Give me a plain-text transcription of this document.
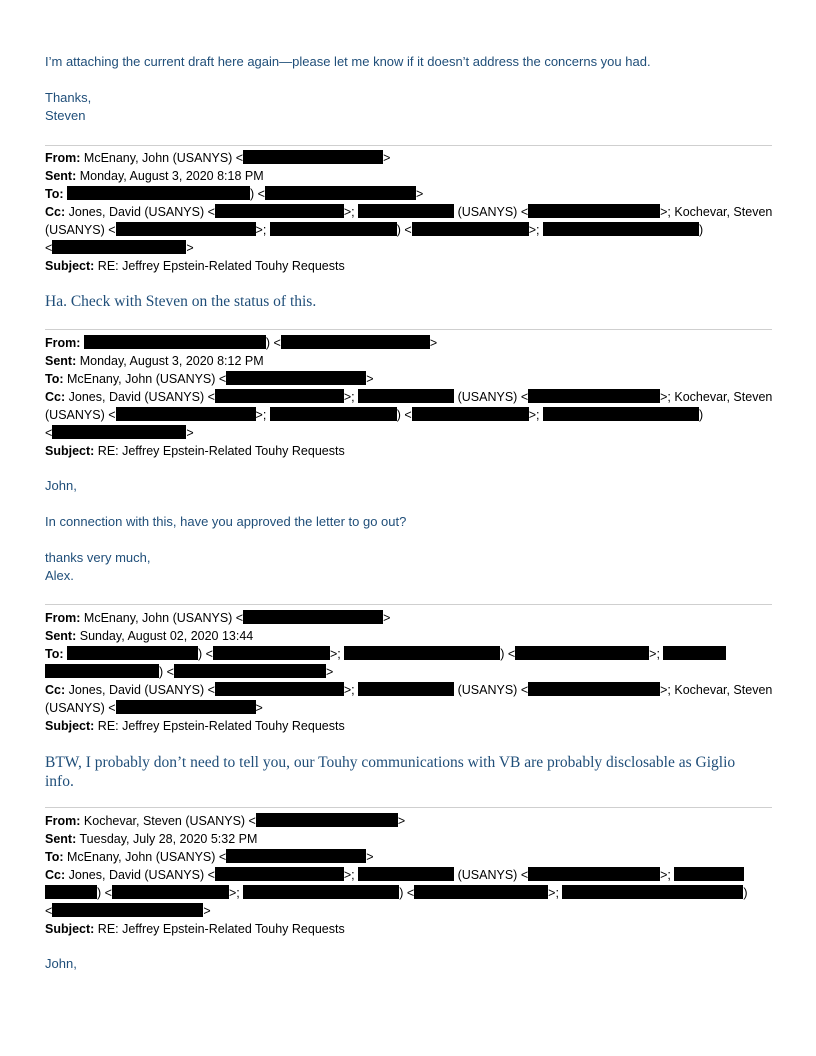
I’m attaching the current draft here again—please let me know if it doesn’t address the concerns you had.
Thanks,
Steven
From: McEnany, John (USANYS) <	>
Sent: Monday, August 3, 2020 8:18 PM
To:	) <	>
Cc: Jones, David (USANYS) <	>;	(USANYS) <	>; Kochevar, Steven
(USANYS) <	>;	) <	>;	)
<	>
Subject: RE: Jeffrey Epstein-Related Touhy Requests
Ha. Check with Steven on the status of this.
From:	) <	>
Sent: Monday, August 3, 2020 8:12 PM
To: McEnany, John (USANYS) <	>
Cc: Jones, David (USANYS) <	>;	(USANYS) <	>; Kochevar, Steven
(USANYS) <	>;	) <	>;	)
<	>
Subject: RE: Jeffrey Epstein-Related Touhy Requests
John,
In connection with this, have you approved the letter to go out?
thanks very much,
Alex.
From: McEnany, John (USANYS) <	>
Sent: Sunday, August 02, 2020 13:44
To:	) <	>;	) <	>;
) <	>
Cc: Jones, David (USANYS) <	>;	(USANYS) <	>; Kochevar, Steven
(USANYS) <	>
Subject: RE: Jeffrey Epstein-Related Touhy Requests
BTW, I probably don’t need to tell you, our Touhy communications with VB are probably disclosable as Giglio
info.
From: Kochevar, Steven (USANYS) <	>
Sent: Tuesday, July 28, 2020 5:32 PM
To: McEnany, John (USANYS) <	>
Cc: Jones, David (USANYS) <	>;	(USANYS) <	>;
) <	>;	) <	>;	)
<	>
Subject: RE: Jeffrey Epstein-Related Touhy Requests
John,
